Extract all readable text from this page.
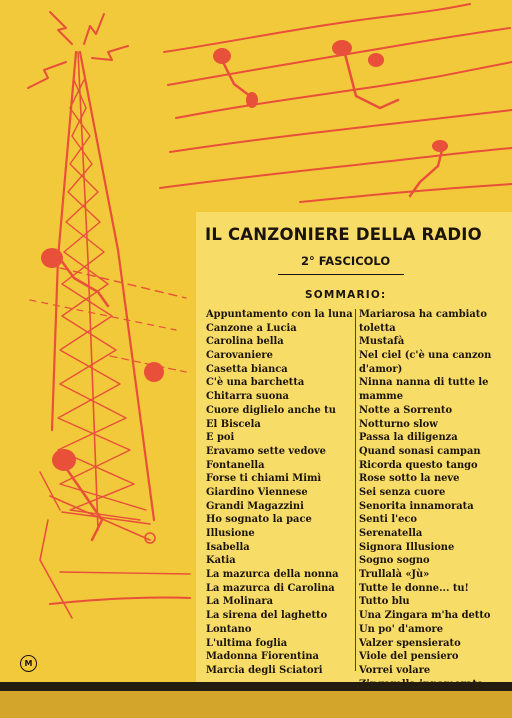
IL CANZONIERE DELLA RADIO
2° FASCICOLO
SOMMARIO:
Appuntamento con la luna
Canzone a Lucia
Carolina bella
Carovaniere
Casetta bianca
C'è una barchetta
Chitarra suona
Cuore diglielo anche tu
El Biscela
E poi
Eravamo sette vedove
Fontanella
Forse ti chiami Mimì
Giardino Viennese
Grandi Magazzini
Ho sognato la pace
Illusione
Isabella
Katia
La mazurca della nonna
La mazurca di Carolina
La Molinara
La sirena del laghetto
Lontano
L'ultima foglia
Madonna Fiorentina
Marcia degli Sciatori
Mariarosa ha cambiato
toletta
Mustafà
Nel ciel (c'è una canzon
d'amor)
Ninna nanna di tutte le
mamme
Notte a Sorrento
Notturno slow
Passa la diligenza
Quand sonasi campan
Ricorda questo tango
Rose sotto la neve
Sei senza cuore
Senorita innamorata
Senti l'eco
Serenatella
Signora Illusione
Sogno sogno
Trullalà «Jù»
Tutte le donne... tu!
Tutto blu
Una Zingara m'ha detto
Un po' d'amore
Valzer spensierato
Viole del pensiero
Vorrei volare
M
